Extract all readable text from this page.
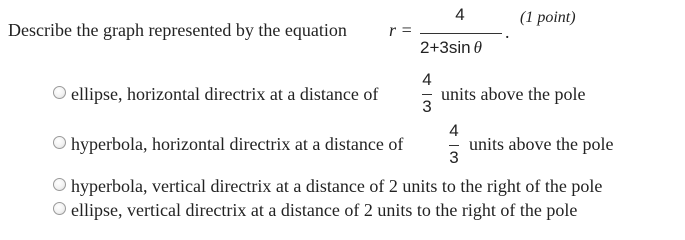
Describe the graph represented by the equation r =
4
2+3sin θ
.
(1 point)
ellipse, horizontal directrix at a distance of
4
3
units above the pole
hyperbola, horizontal directrix at a distance of
4
3
units above the pole
hyperbola, vertical directrix at a distance of 2 units to the right of the pole
ellipse, vertical directrix at a distance of 2 units to the right of the pole
